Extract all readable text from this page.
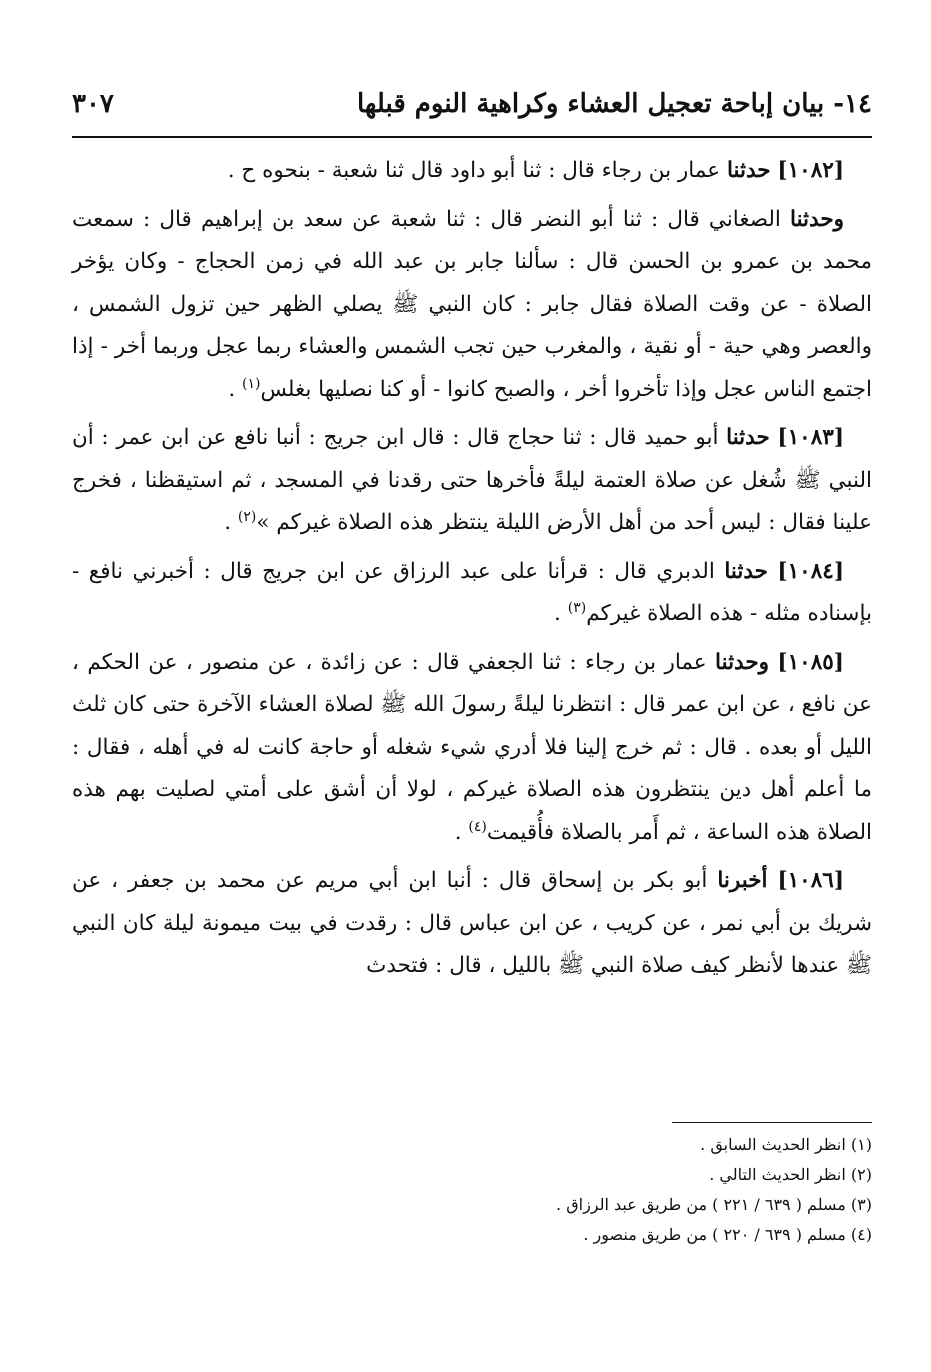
١٤- بيان إباحة تعجيل العشاء وكراهية النوم قبلها
٣٠٧

[١٠٨٢] حدثنا عمار بن رجاء قال : ثنا أبو داود قال ثنا شعبة - بنحوه ح .

وحدثنا الصغاني قال : ثنا أبو النضر قال : ثنا شعبة عن سعد بن إبراهيم قال : سمعت محمد بن عمرو بن الحسن قال : سألنا جابر بن عبد الله في زمن الحجاج - وكان يؤخر الصلاة - عن وقت الصلاة فقال جابر : كان النبي ﷺ يصلي الظهر حين تزول الشمس ، والعصر وهي حية - أو نقية ، والمغرب حين تجب الشمس والعشاء ربما عجل وربما أخر - إذا اجتمع الناس عجل وإذا تأخروا أخر ، والصبح كانوا - أو كنا نصليها بغلس$^{(١)}$ .

[١٠٨٣] حدثنا أبو حميد قال : ثنا حجاج قال : قال ابن جريج : أنبا نافع عن ابن عمر : أن النبي ﷺ شُغل عن صلاة العتمة ليلةً فأخرها حتى رقدنا في المسجد ، ثم استيقظنا ، فخرج علينا فقال : ليس أحد من أهل الأرض الليلة ينتظر هذه الصلاة غيركم »$^{(٢)}$ .

[١٠٨٤] حدثنا الدبري قال : قرأنا على عبد الرزاق عن ابن جريج قال : أخبرني نافع - بإسناده مثله - هذه الصلاة غيركم$^{(٣)}$ .

[١٠٨٥] وحدثنا عمار بن رجاء : ثنا الجعفي قال : عن زائدة ، عن منصور ، عن الحكم ، عن نافع ، عن ابن عمر قال : انتظرنا ليلةً رسولَ الله ﷺ لصلاة العشاء الآخرة حتى كان ثلث الليل أو بعده . قال : ثم خرج إلينا فلا أدري شيء شغله أو حاجة كانت له في أهله ، فقال : ما أعلم أهل دين ينتظرون هذه الصلاة غيركم ، لولا أن أشق على أمتي لصليت بهم هذه الصلاة هذه الساعة ، ثم أَمر بالصلاة فأُقيمت$^{(٤)}$ .

[١٠٨٦] أخبرنا أبو بكر بن إسحاق قال : أنبا ابن أبي مريم عن محمد بن جعفر ، عن شريك بن أبي نمر ، عن كريب ، عن ابن عباس قال : رقدت في بيت ميمونة ليلة كان النبي ﷺ عندها لأنظر كيف صلاة النبي ﷺ بالليل ، قال : فتحدث

(١) انظر الحديث السابق .

(٢) انظر الحديث التالي .

(٣) مسلم ( ٦٣٩ / ٢٢١ ) من طريق عبد الرزاق .

(٤) مسلم ( ٦٣٩ / ٢٢٠ ) من طريق منصور .
